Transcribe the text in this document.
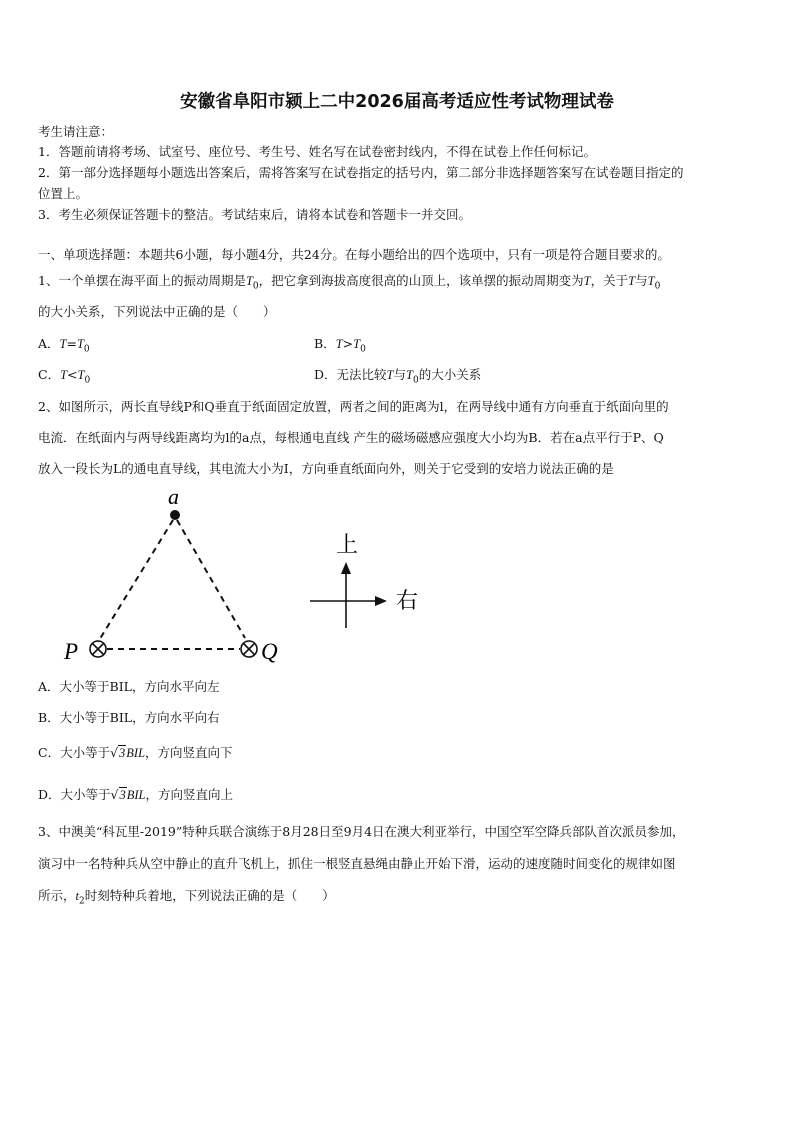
安徽省阜阳市颍上二中2026届高考适应性考试物理试卷
考生请注意：
1．答题前请将考场、试室号、座位号、考生号、姓名写在试卷密封线内，不得在试卷上作任何标记。
2．第一部分选择题每小题选出答案后，需将答案写在试卷指定的括号内，第二部分非选择题答案写在试卷题目指定的
位置上。
3．考生必须保证答题卡的整洁。考试结束后，请将本试卷和答题卡一并交回。
一、单项选择题：本题共6小题，每小题4分，共24分。在每小题给出的四个选项中，只有一项是符合题目要求的。
1、一个单摆在海平面上的振动周期是$T_0$，把它拿到海拔高度很高的山顶上，该单摆的振动周期变为T，关于T与$T_0$
的大小关系，下列说法中正确的是（　　）
A．$T=T_0$	B．$T>T_0$
C．$T<T_0$	D．无法比较T与$T_0$的大小关系
2、如图所示，两长直导线P和Q垂直于纸面固定放置，两者之间的距离为l，在两导线中通有方向垂直于纸面向里的
电流．在纸面内与两导线距离均为l的a点，每根通电直线 产生的磁场磁感应强度大小均为B．若在a点平行于P、Q
放入一段长为L的通电直导线，其电流大小为I，方向垂直纸面向外，则关于它受到的安培力说法正确的是
a
P	Q
上
右
A．大小等于BIL，方向水平向左
B．大小等于BIL，方向水平向右
C．大小等于√3BIL，方向竖直向下
D．大小等于√3BIL，方向竖直向上
3、中澳美“科瓦里-2019”特种兵联合演练于8月28日至9月4日在澳大利亚举行，中国空军空降兵部队首次派员参加，
演习中一名特种兵从空中静止的直升飞机上，抓住一根竖直悬绳由静止开始下滑，运动的速度随时间变化的规律如图
所示，$t_2$时刻特种兵着地，下列说法正确的是（　　）
